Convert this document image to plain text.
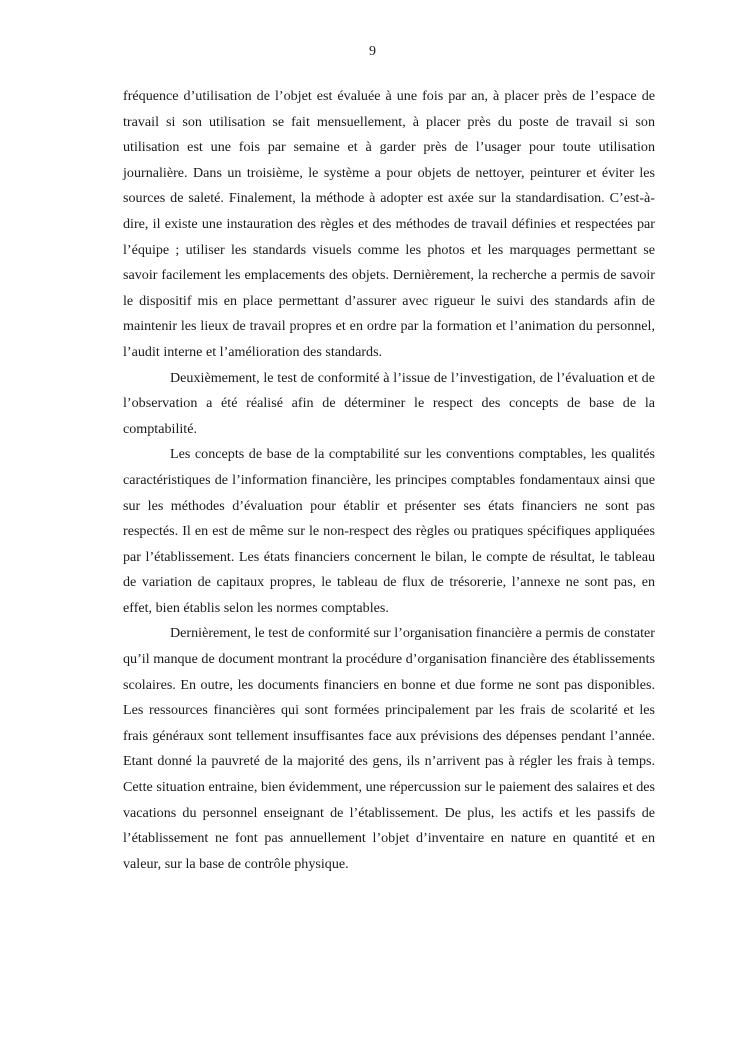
9

fréquence d’utilisation de l’objet est évaluée à une fois par an, à placer près de l’espace de travail si son utilisation se fait mensuellement, à placer près du poste de travail si son utilisation est une fois par semaine et à garder près de l’usager pour toute utilisation journalière. Dans un troisième, le système a pour objets de nettoyer, peinturer et éviter les sources de saleté. Finalement, la méthode à adopter est axée sur la standardisation. C’est-à-dire, il existe une instauration des règles et des méthodes de travail définies et respectées par l’équipe ; utiliser les standards visuels comme les photos et les marquages permettant se savoir facilement les emplacements des objets. Dernièrement, la recherche a permis de savoir le dispositif mis en place permettant d’assurer avec rigueur le suivi des standards afin de maintenir les lieux de travail propres et en ordre par la formation et l’animation du personnel, l’audit interne et l’amélioration des standards.

Deuxièmement, le test de conformité à l’issue de l’investigation, de l’évaluation et de l’observation a été réalisé afin de déterminer le respect des concepts de base de la comptabilité.

Les concepts de base de la comptabilité sur les conventions comptables, les qualités caractéristiques de l’information financière, les principes comptables fondamentaux ainsi que sur les méthodes d’évaluation pour établir et présenter ses états financiers ne sont pas respectés. Il en est de même sur le non-respect des règles ou pratiques spécifiques appliquées par l’établissement. Les états financiers concernent le bilan, le compte de résultat, le tableau de variation de capitaux propres, le tableau de flux de trésorerie, l’annexe ne sont pas, en effet, bien établis selon les normes comptables.

Dernièrement, le test de conformité sur l’organisation financière a permis de constater qu’il manque de document montrant la procédure d’organisation financière des établissements scolaires. En outre, les documents financiers en bonne et due forme ne sont pas disponibles. Les ressources financières qui sont formées principalement par les frais de scolarité et les frais généraux sont tellement insuffisantes face aux prévisions des dépenses pendant l’année. Etant donné la pauvreté de la majorité des gens, ils n’arrivent pas à régler les frais à temps. Cette situation entraine, bien évidemment, une répercussion sur le paiement des salaires et des vacations du personnel enseignant de l’établissement. De plus, les actifs et les passifs de l’établissement ne font pas annuellement l’objet d’inventaire en nature en quantité et en valeur, sur la base de contrôle physique.
